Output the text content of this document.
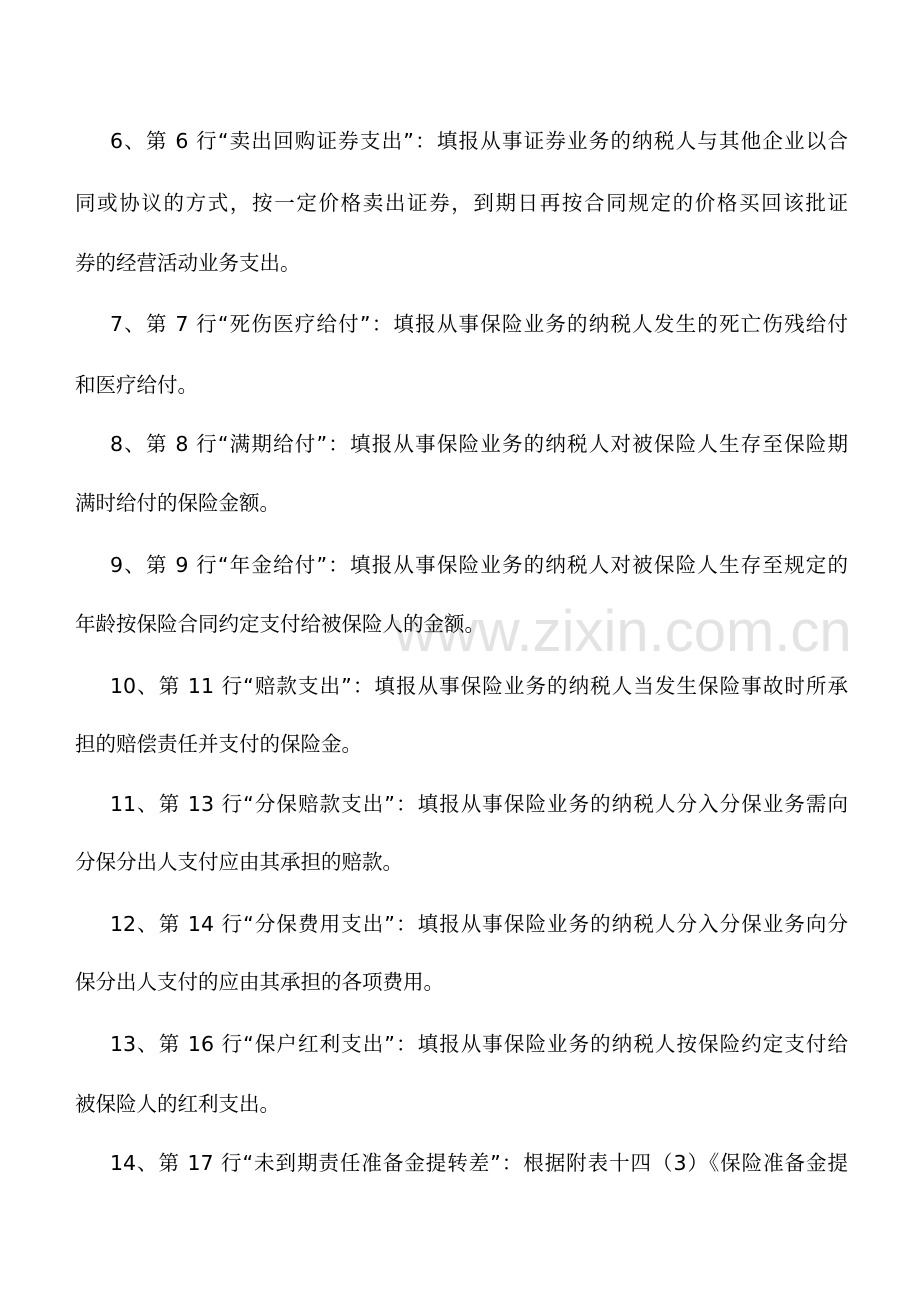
www.zixin.com.cn
6、第 6 行“卖出回购证券支出”：填报从事证券业务的纳税人与其他企业以合
同或协议的方式，按一定价格卖出证券，到期日再按合同规定的价格买回该批证
券的经营活动业务支出。
7、第 7 行“死伤医疗给付”：填报从事保险业务的纳税人发生的死亡伤残给付
和医疗给付。
8、第 8 行“满期给付”：填报从事保险业务的纳税人对被保险人生存至保险期
满时给付的保险金额。
9、第 9 行“年金给付”：填报从事保险业务的纳税人对被保险人生存至规定的
年龄按保险合同约定支付给被保险人的金额。
10、第 11 行“赔款支出”：填报从事保险业务的纳税人当发生保险事故时所承
担的赔偿责任并支付的保险金。
11、第 13 行“分保赔款支出”：填报从事保险业务的纳税人分入分保业务需向
分保分出人支付应由其承担的赔款。
12、第 14 行“分保费用支出”：填报从事保险业务的纳税人分入分保业务向分
保分出人支付的应由其承担的各项费用。
13、第 16 行“保户红利支出”：填报从事保险业务的纳税人按保险约定支付给
被保险人的红利支出。
14、第 17 行“未到期责任准备金提转差”：根据附表十四（3）《保险准备金提
